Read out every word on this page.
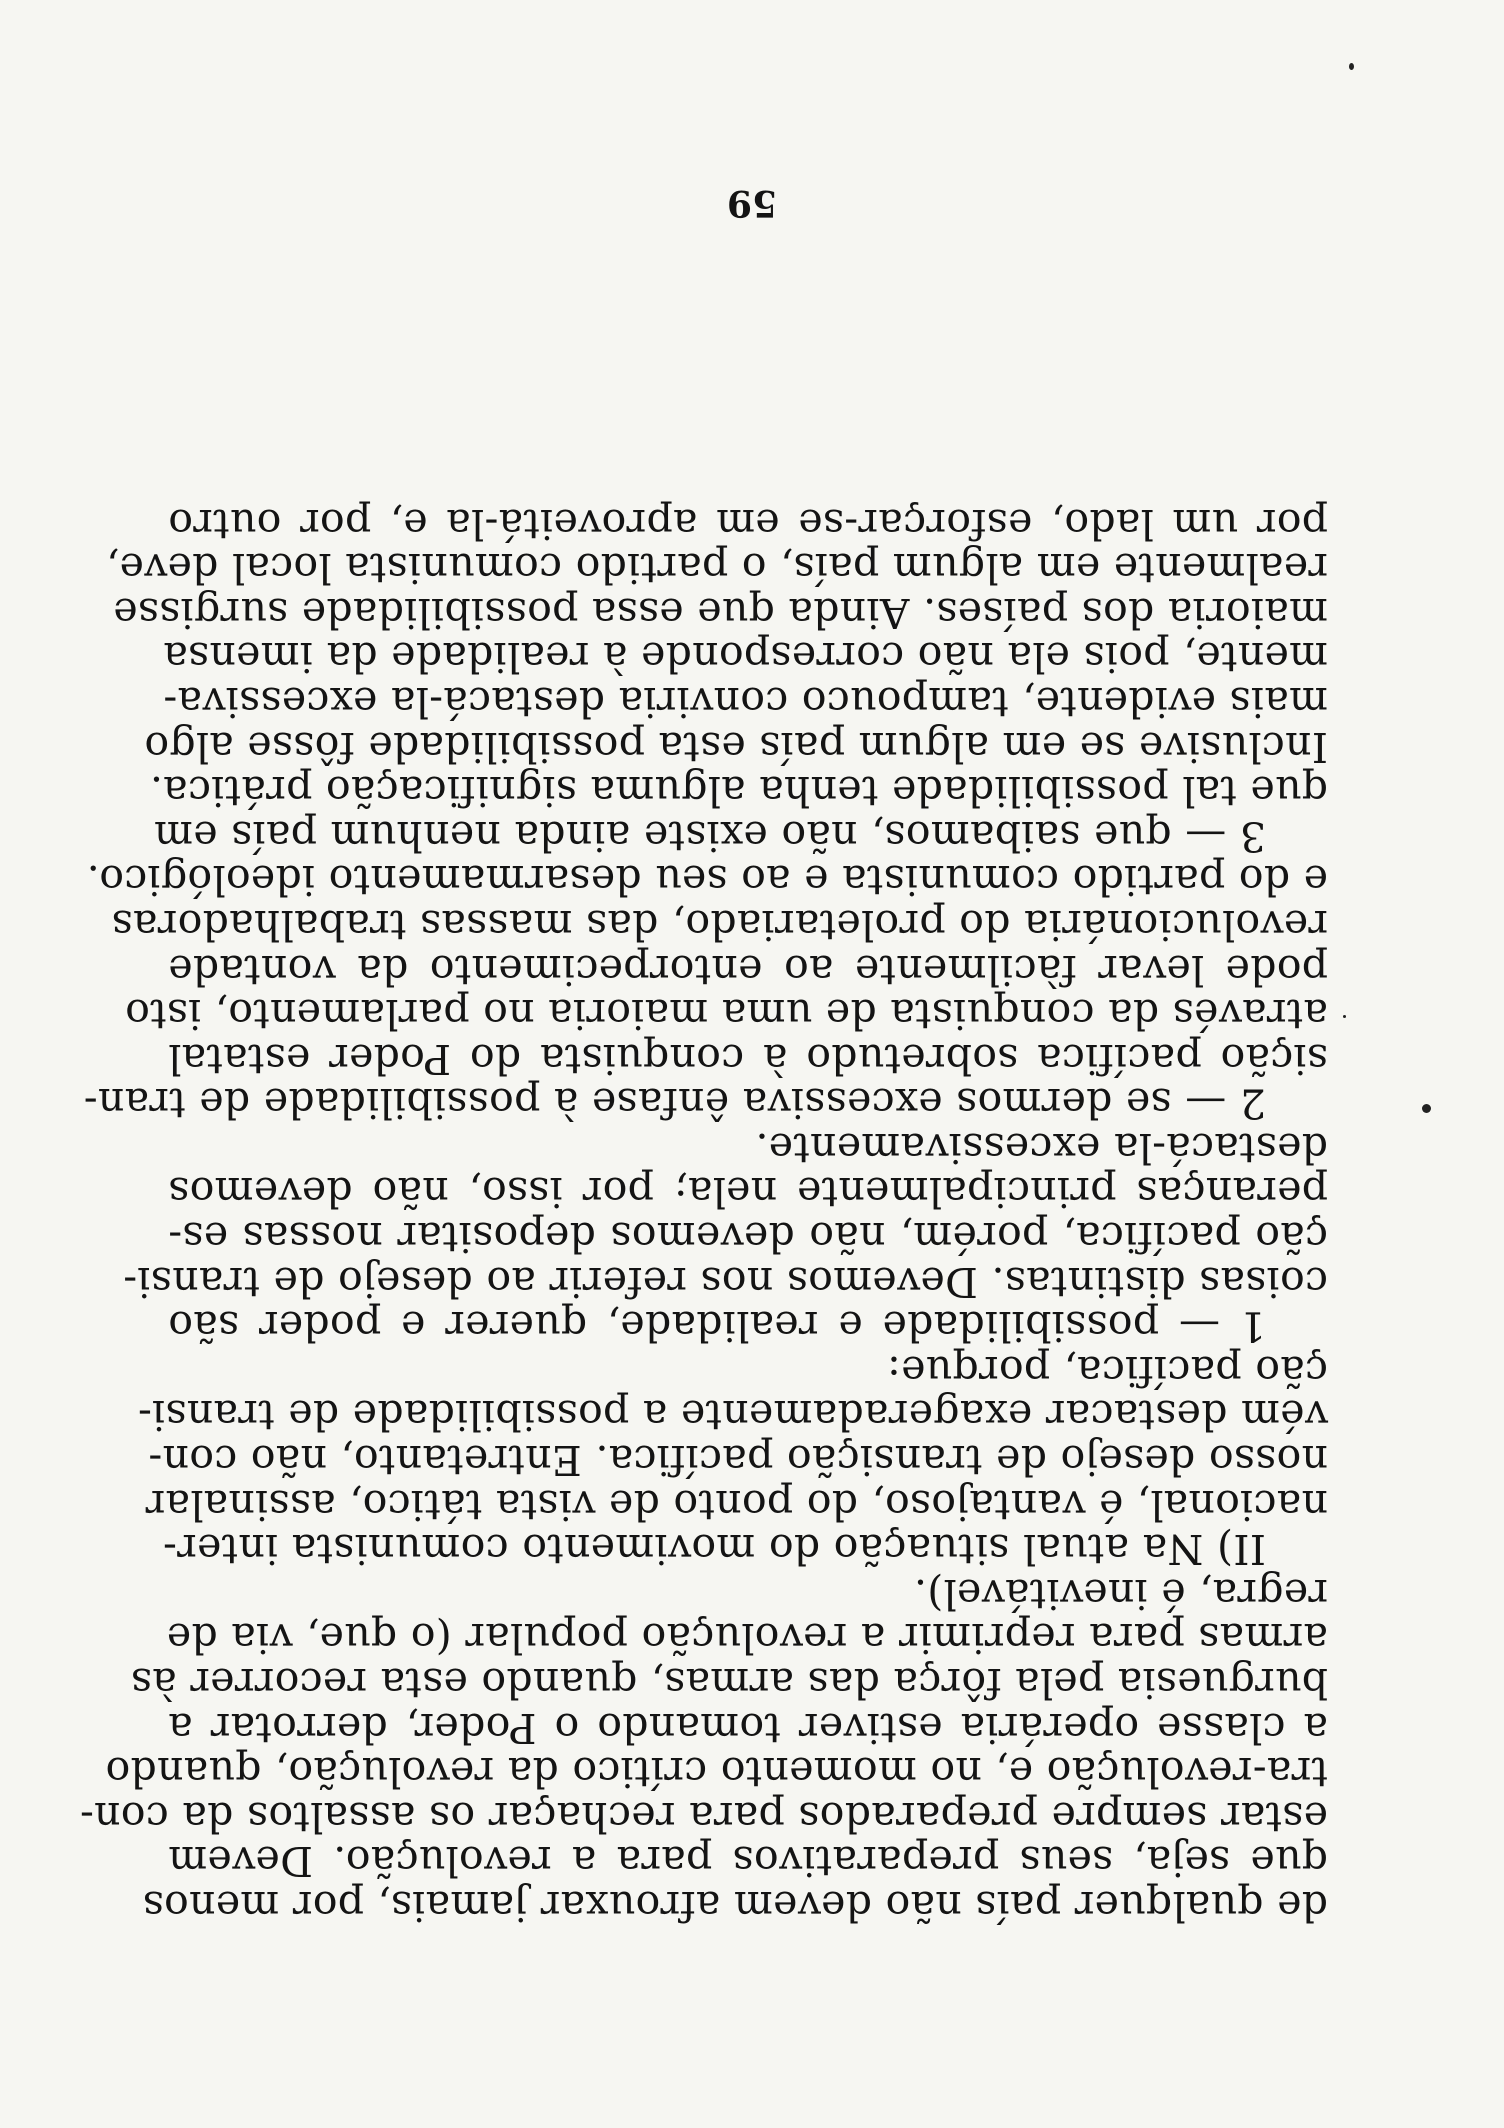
de qualquer país não devem afrouxar jamais, por menos
que seja, seus preparativos para a revolução. Devem
estar sempre preparados para rechaçar os assaltos da con-
tra-revolução e, no momento crítico da revolução, quando
a classe operária estiver tomando o Poder, derrotar a
burguesia pela fôrça das armas, quando esta recorrer às
armas para reprimir a revolução popular (o que, via de
regra, é inevitável).
II) Na atual situação do movimento comunista inter-
nacional, é vantajoso, do ponto de vista tático, assinalar
nosso desejo de transição pacífica. Entretanto, não con-
vém destacar exageradamente a possibilidade de transi-
ção pacífica, porque:
1 — possibilidade e realidade, querer e poder são
coisas distintas. Devemos nos referir ao desejo de transi-
ção pacífica, porém, não devemos depositar nossas es-
peranças principalmente nela; por isso, não devemos
destacá-la excessivamente.
2 — se dermos excessiva ênfase à possibilidade de tran-
sição pacífica sobretudo à conquista do Poder estatal
através da conquista de uma maioria no parlamento, isto
pode levar fàcilmente ao entorpecimento da vontade
revolucionária do proletariado, das massas trabalhadoras
e do partido comunista e ao seu desarmamento ideológico.
3 — que saibamos, não existe ainda nenhum país em
que tal possibilidade tenha alguma significação prática.
Inclusive se em algum país esta possibilidade fôsse algo
mais evidente, tampouco conviria destacá-la excessiva-
mente, pois ela não corresponde à realidade da imensa
maioria dos países. Ainda que essa possibilidade surgisse
realmente em algum país, o partido comunista local deve,
por um lado, esforçar-se em aproveitá-la e, por outro
59
